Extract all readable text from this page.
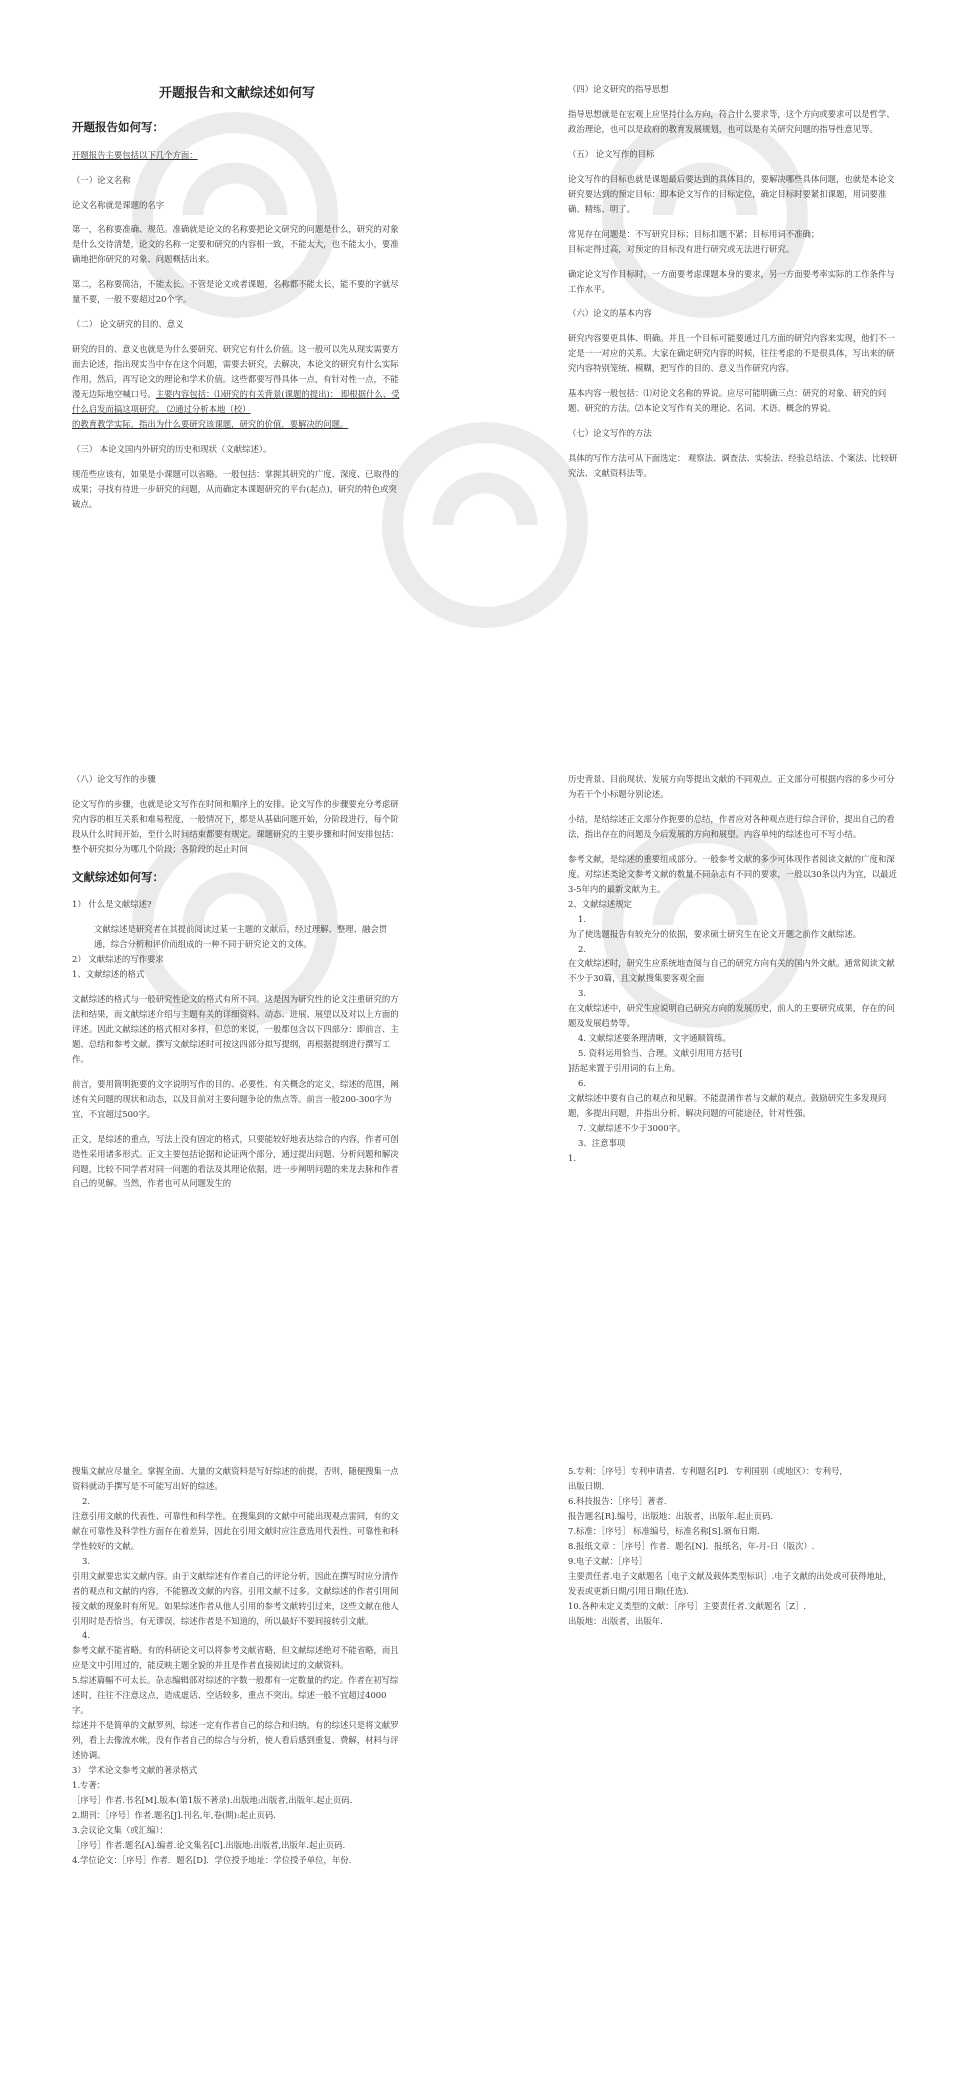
开题报告和文献综述如何写
开题报告如何写：

开题报告主要包括以下几个方面：

（一）论文名称

论文名称就是课题的名字

第一，名称要准确、规范。准确就是论文的名称要把论文研究的问题是什么，研究的对象是什么交待清楚，论文的名称一定要和研究的内容相一致，不能太大，也不能太小，要准确地把你研究的对象、问题概括出来。

第二，名称要简洁，不能太长。不管是论文或者课题，名称都不能太长，能不要的字就尽量不要，一般不要超过20个字。

（二） 论文研究的目的、意义

研究的目的、意义也就是为什么要研究、研究它有什么价值。这一般可以先从现实需要方面去论述，指出现实当中存在这个问题，需要去研究，去解决，本论文的研究有什么实际作用，然后，再写论文的理论和学术价值。这些都要写得具体一点，有针对性一点，不能漫无边际地空喊口号。主要内容包括：⑴研究的有关背景(课题的提出)： 即根据什么、受什么启发而搞这项研究。 ⑵通过分析本地（校）
的教育教学实际，指出为什么要研究该课题，研究的价值，要解决的问题。

（三） 本论文国内外研究的历史和现状（文献综述）。

规范些应该有，如果是小课题可以省略。一般包括：掌握其研究的广度、深度、已取得的成果；寻找有待进一步研究的问题，从而确定本课题研究的平台(起点)，研究的特色或突破点。

（四）论文研究的指导思想

指导思想就是在宏观上应坚持什么方向，符合什么要求等，这个方向或要求可以是哲学、政治理论，也可以是政府的教育发展规划，也可以是有关研究问题的指导性意见等。

（五） 论文写作的目标

论文写作的目标也就是课题最后要达到的具体目的，要解决哪些具体问题，也就是本论文研究要达到的预定目标：即本论文写作的目标定位，确定目标时要紧扣课题，用词要准确、精练、明了。

常见存在问题是：不写研究目标；目标扣题不紧；目标用词不准确；
目标定得过高，对预定的目标没有进行研究或无法进行研究。

确定论文写作目标时，一方面要考虑课题本身的要求，另一方面要考率实际的工作条件与工作水平。

（六）论文的基本内容

研究内容要更具体、明确。并且一个目标可能要通过几方面的研究内容来实现，他们不一定是一一对应的关系。大家在确定研究内容的时候，往往考虑的不是很具体，写出来的研究内容特别笼统、模糊，把写作的目的、意义当作研究内容。

基本内容一般包括：⑴对论文名称的界说。应尽可能明确三点：研究的对象、研究的问题、研究的方法。⑵本论文写作有关的理论、名词、术语、概念的界说。

（七）论文写作的方法

具体的写作方法可从下面选定： 观察法、调查法、实验法、经验总结法、个案法、比较研究法、文献资料法等。

（八）论文写作的步骤

论文写作的步骤，也就是论文写作在时间和顺序上的安排。论文写作的步骤要充分考虑研究内容的相互关系和难易程度，一般情况下，都是从基础问题开始，分阶段进行，每个阶段从什么时间开始，至什么时间结束都要有规定。课题研究的主要步骤和时间安排包括：整个研究拟分为哪几个阶段；各阶段的起止时间

文献综述如何写：

1） 什么是文献综述?

文献综述是研究者在其提前阅读过某一主题的文献后，经过理解、整理、融会贯通，综合分析和评价而组成的一种不同于研究论文的文体。

2） 文献综述的写作要求

1、文献综述的格式

文献综述的格式与一般研究性论文的格式有所不同。这是因为研究性的论文注重研究的方法和结果，而文献综述介绍与主题有关的详细资料、动态、进展、展望以及对以上方面的评述。因此文献综述的格式相对多样，但总的来说，一般都包含以下四部分：即前言、主题、总结和参考文献。撰写文献综述时可按这四部分拟写提纲，再根据提纲进行撰写工作。

前言，要用简明扼要的文字说明写作的目的、必要性、有关概念的定义，综述的范围，阐述有关问题的现状和动态，以及目前对主要问题争论的焦点等。前言一般200-300字为宜，不宜超过500字。

正文，是综述的重点，写法上没有固定的格式，只要能较好地表达综合的内容，作者可创造性采用诸多形式。正文主要包括论据和论证两个部分，通过提出问题、分析问题和解决问题，比较不同学者对同一问题的看法及其理论依据，进一步阐明问题的来龙去脉和作者自己的见解。当然，作者也可从问题发生的

历史背景、目前现状、发展方向等提出文献的不同观点。正文部分可根据内容的多少可分为若干个小标题分别论述。

小结，是结综述正文部分作扼要的总结，作者应对各种观点进行综合评价，提出自己的看法，指出存在的问题及今后发展的方向和展望。内容单纯的综述也可不写小结。

参考文献，是综述的重要组成部分。一般参考文献的多少可体现作者阅读文献的广度和深度。对综述类论文参考文献的数量不同杂志有不同的要求，一般以30条以内为宜，以最近3-5年内的最新文献为主。

2、文献综述规定

1.

为了使选题报告有较充分的依据，要求硕士研究生在论文开题之前作文献综述。

2.

在文献综述时，研究生应系统地查阅与自己的研究方向有关的国内外文献。通常阅读文献不少于30篇，且文献搜集要客观全面

3.

在文献综述中，研究生应说明自己研究方向的发展历史，前人的主要研究成果，存在的问题及发展趋势等。

4. 文献综述要条理清晰，文字通顺简练。

5. 资料运用恰当、合理。文献引用用方括号[

]括起来置于引用词的右上角。

6.

文献综述中要有自己的观点和见解。不能混淆作者与文献的观点。鼓励研究生多发现问题，多提出问题，并指出分析、解决问题的可能途径，针对性强。

7. 文献综述不少于3000字。

3、注意事项

1.

搜集文献应尽量全。掌握全面、大量的文献资料是写好综述的前提，否则，随便搜集一点资料就动手撰写是不可能写出好的综述。

2.

注意引用文献的代表性、可靠性和科学性。在搜集到的文献中可能出现观点雷同，有的文献在可靠性及科学性方面存在着差异，因此在引用文献时应注意选用代表性、可靠性和科学性较好的文献。

3.

引用文献要忠实文献内容。由于文献综述有作者自己的评论分析，因此在撰写时应分清作者的观点和文献的内容，不能篡改文献的内容。引用文献不过多。文献综述的作者引用间接文献的现象时有所见。如果综述作者从他人引用的参考文献转引过来，这些文献在他人引用时是否恰当，有无谬误，综述作者是不知道的，所以最好不要间接转引文献。

4.

参考文献不能省略。有的科研论文可以将参考文献省略，但文献综述绝对不能省略，而且应是文中引用过的，能反映主题全貌的并且是作者直接阅读过的文献资料。

5.综述篇幅不可太长。杂志编辑部对综述的字数一般都有一定数量的约定。作者在初写综述时，往往不注意这点，造成虚话、空话较多，重点不突出。综述一般不宜超过4000字。

综述并不是简单的文献罗列，综述一定有作者自己的综合和归纳。有的综述只是将文献罗列，看上去像流水帐，没有作者自己的综合与分析，使人看后感到重复、费解，材料与评述协调。

3） 学术论文参考文献的著录格式

1.专著：

［序号］作者.书名[M].版本(第1版不著录).出版地:出版者,出版年.起止页码.

2.期刊：［序号］作者.题名[J].刊名,年,卷(期):起止页码.

3.会议论文集（或汇编）：

［序号］作者.题名[A].编者.论文集名[C].出版地:出版者,出版年.起止页码.

4.学位论文：［序号］作者．题名[D]．学位授予地址：学位授予单位，年份.

5.专利：［序号］专利申请者．专利题名[P]．专利国别（或地区）：专利号，

出版日期.

6.科技报告：［序号］著者.

报告题名[R].编号，出版地：出版者，出版年.起止页码.

7.标准：［序号］ 标准编号，标准名称[S].颁布日期.

8.报纸文章 ：［序号］作者．题名[N]．报纸名，年-月-日（版次）.

9.电子文献：［序号］

主要责任者.电子文献题名［电子文献及载体类型标识］.电子文献的出处或可获得地址，发表或更新日期/引用日期(任选).

10.各种未定义类型的文献：［序号］主要责任者.文献题名［Z］.

出版地：出版者，出版年.
